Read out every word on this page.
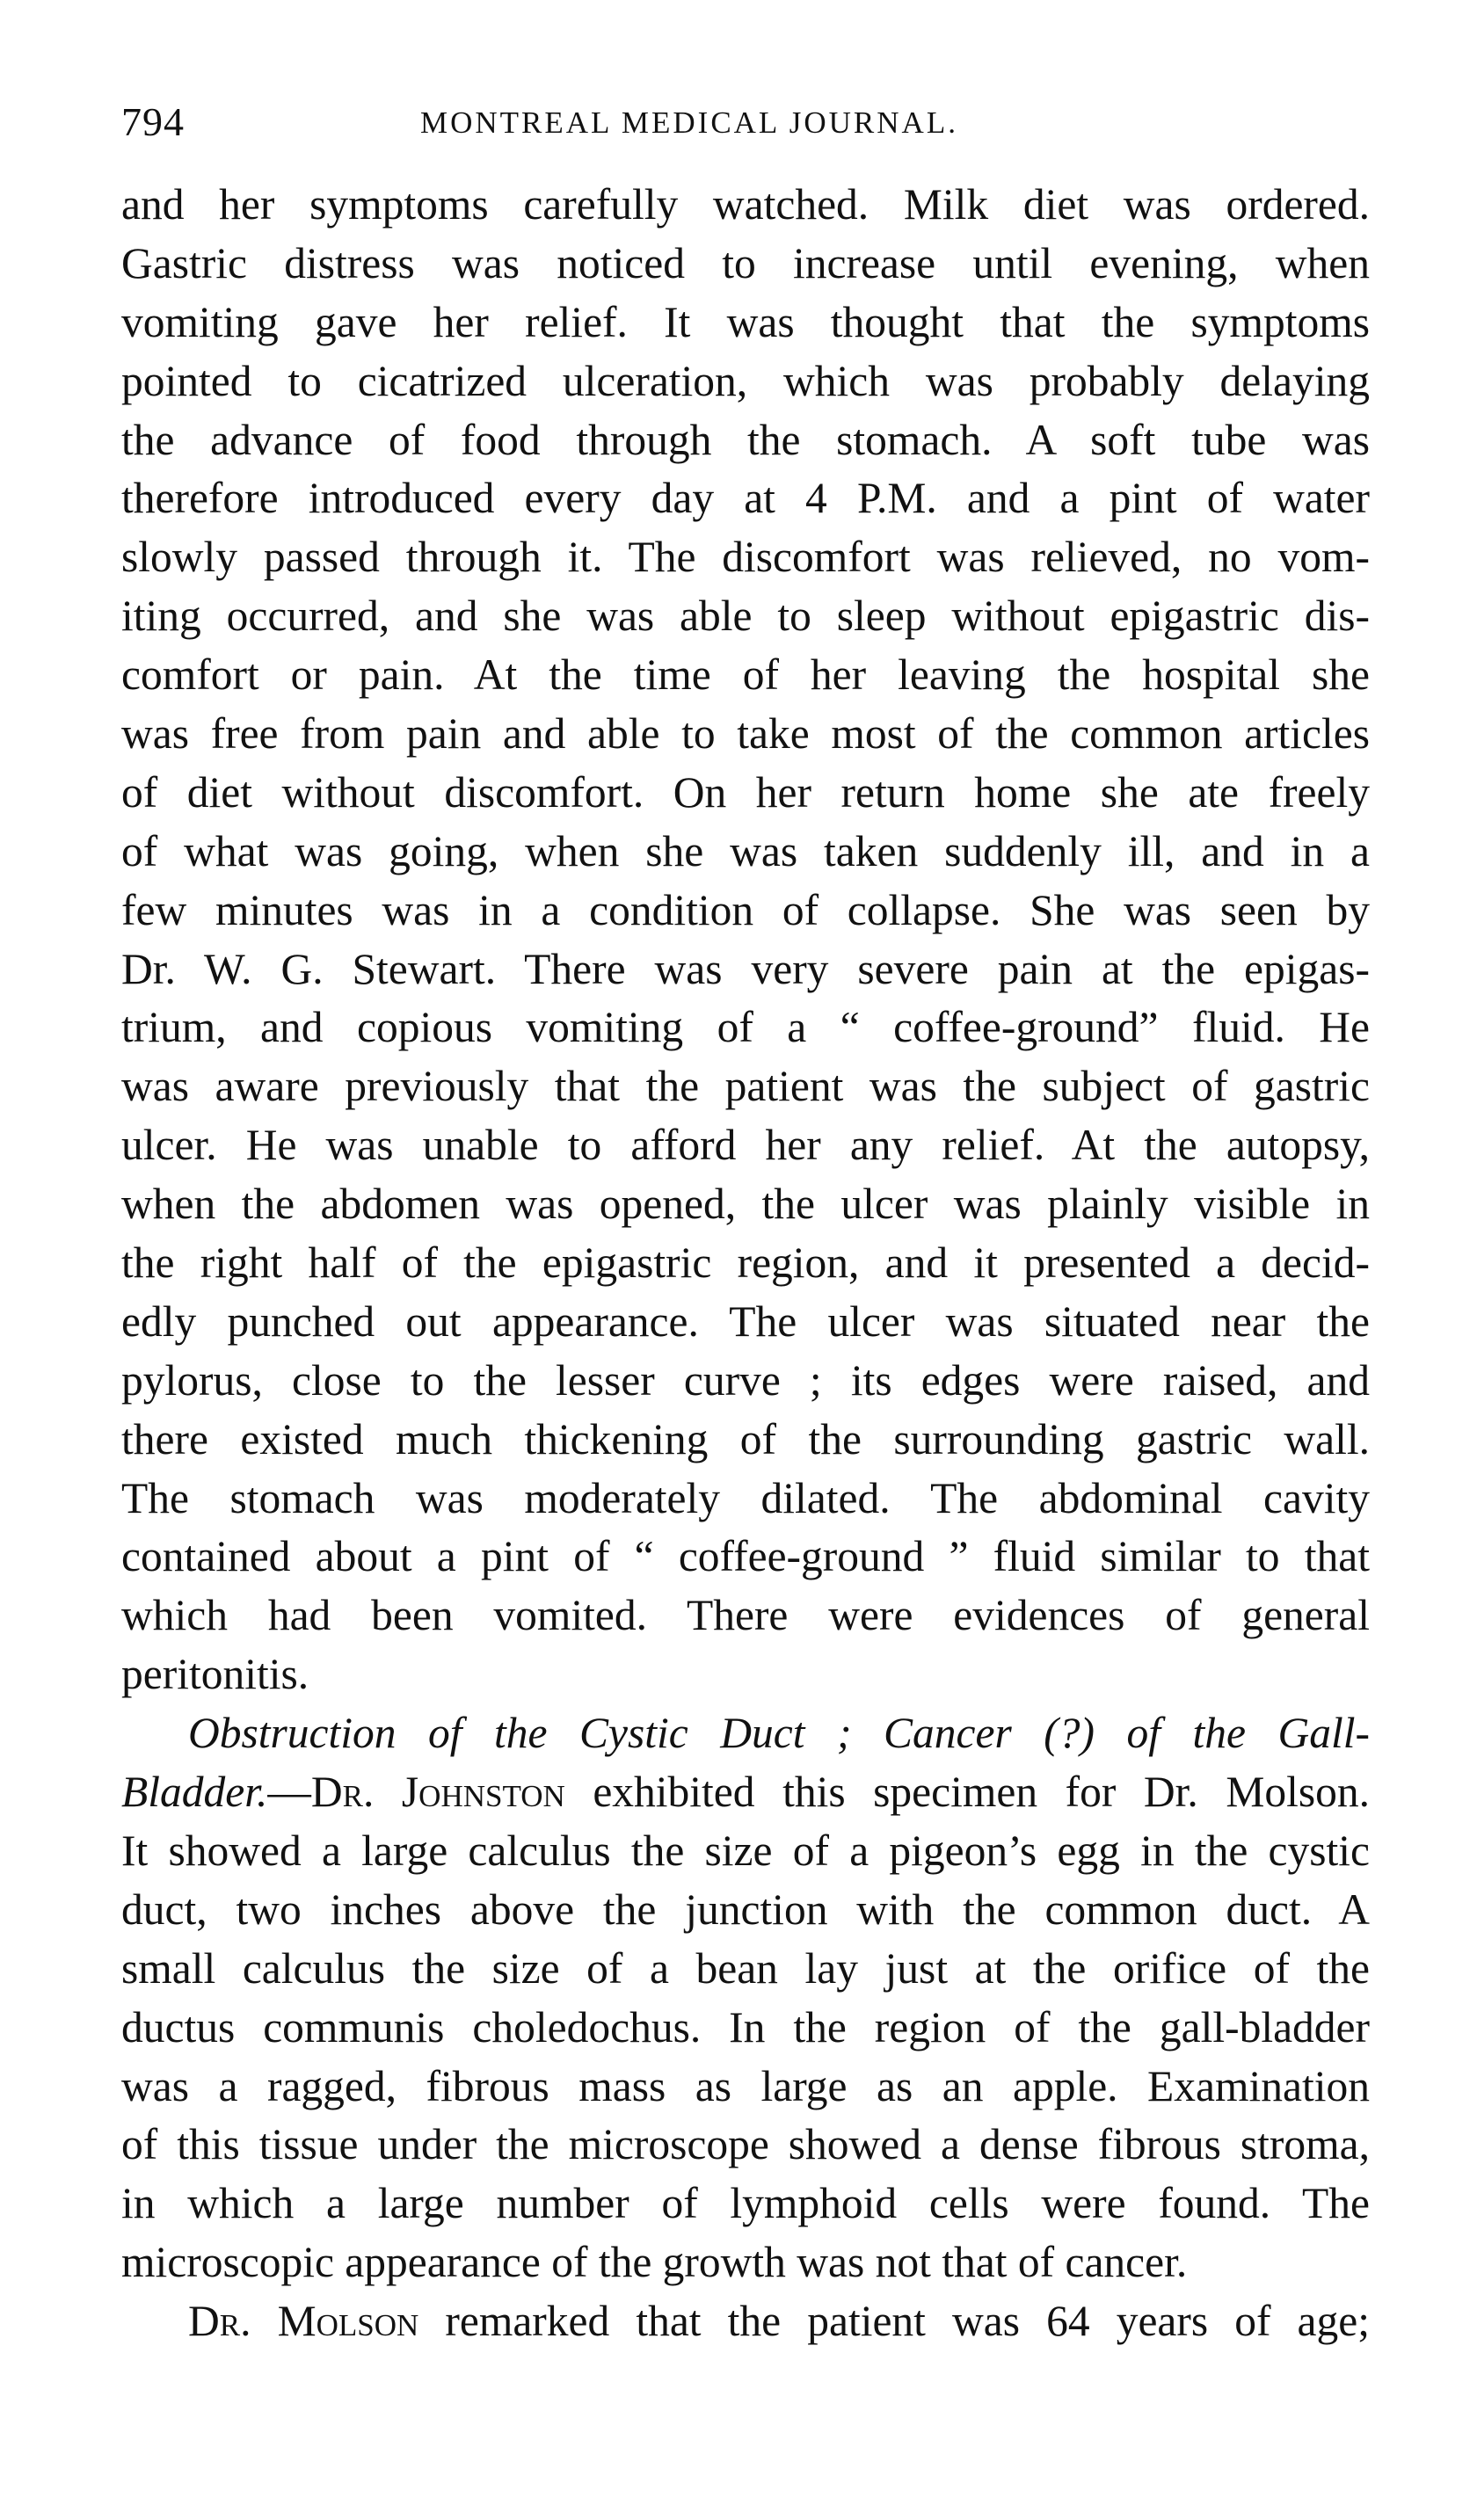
794	MONTREAL MEDICAL JOURNAL.
and her symptoms carefully watched. Milk diet was ordered.
Gastric distress was noticed to increase until evening, when
vomiting gave her relief. It was thought that the symptoms
pointed to cicatrized ulceration, which was probably delaying
the advance of food through the stomach. A soft tube was
therefore introduced every day at 4 P.M. and a pint of water
slowly passed through it. The discomfort was relieved, no vom-
iting occurred, and she was able to sleep without epigastric dis-
comfort or pain. At the time of her leaving the hospital she
was free from pain and able to take most of the common articles
of diet without discomfort. On her return home she ate freely
of what was going, when she was taken suddenly ill, and in a
few minutes was in a condition of collapse. She was seen by
Dr. W. G. Stewart. There was very severe pain at the epigas-
trium, and copious vomiting of a “ coffee-ground” fluid. He
was aware previously that the patient was the subject of gastric
ulcer. He was unable to afford her any relief. At the autopsy,
when the abdomen was opened, the ulcer was plainly visible in
the right half of the epigastric region, and it presented a decid-
edly punched out appearance. The ulcer was situated near the
pylorus, close to the lesser curve ; its edges were raised, and
there existed much thickening of the surrounding gastric wall.
The stomach was moderately dilated. The abdominal cavity
contained about a pint of “ coffee-ground ” fluid similar to that
which had been vomited. There were evidences of general
peritonitis.
Obstruction of the Cystic Duct ; Cancer (?) of the Gall-
Bladder.—Dr. Johnston exhibited this specimen for Dr. Molson.
It showed a large calculus the size of a pigeon’s egg in the cystic
duct, two inches above the junction with the common duct. A
small calculus the size of a bean lay just at the orifice of the
ductus communis choledochus. In the region of the gall-bladder
was a ragged, fibrous mass as large as an apple. Examination
of this tissue under the microscope showed a dense fibrous stroma,
in which a large number of lymphoid cells were found. The
microscopic appearance of the growth was not that of cancer.
Dr. Molson remarked that the patient was 64 years of age;
